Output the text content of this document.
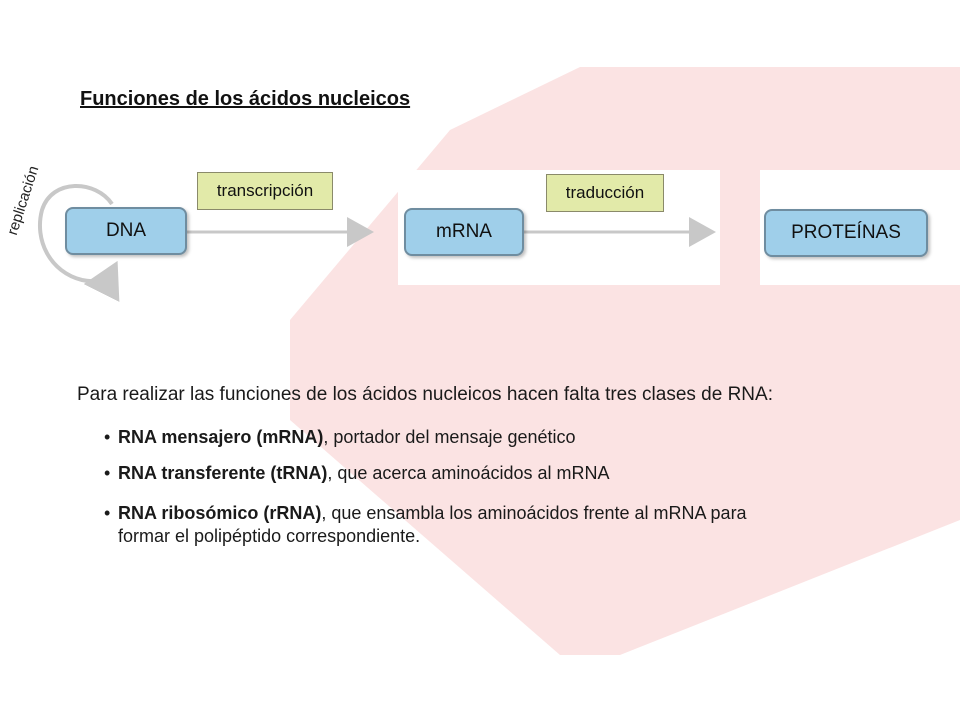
Funciones de los ácidos nucleicos
DNA	mRNA	PROTEÍNAS
transcripción	traducción
replicación
Para realizar las funciones de los ácidos nucleicos hacen falta tres clases de RNA:
• RNA mensajero (mRNA), portador del mensaje genético
• RNA transferente (tRNA), que acerca aminoácidos al mRNA
• RNA ribosómico (rRNA), que ensambla los aminoácidos frente al mRNA para
formar el polipéptido correspondiente.
